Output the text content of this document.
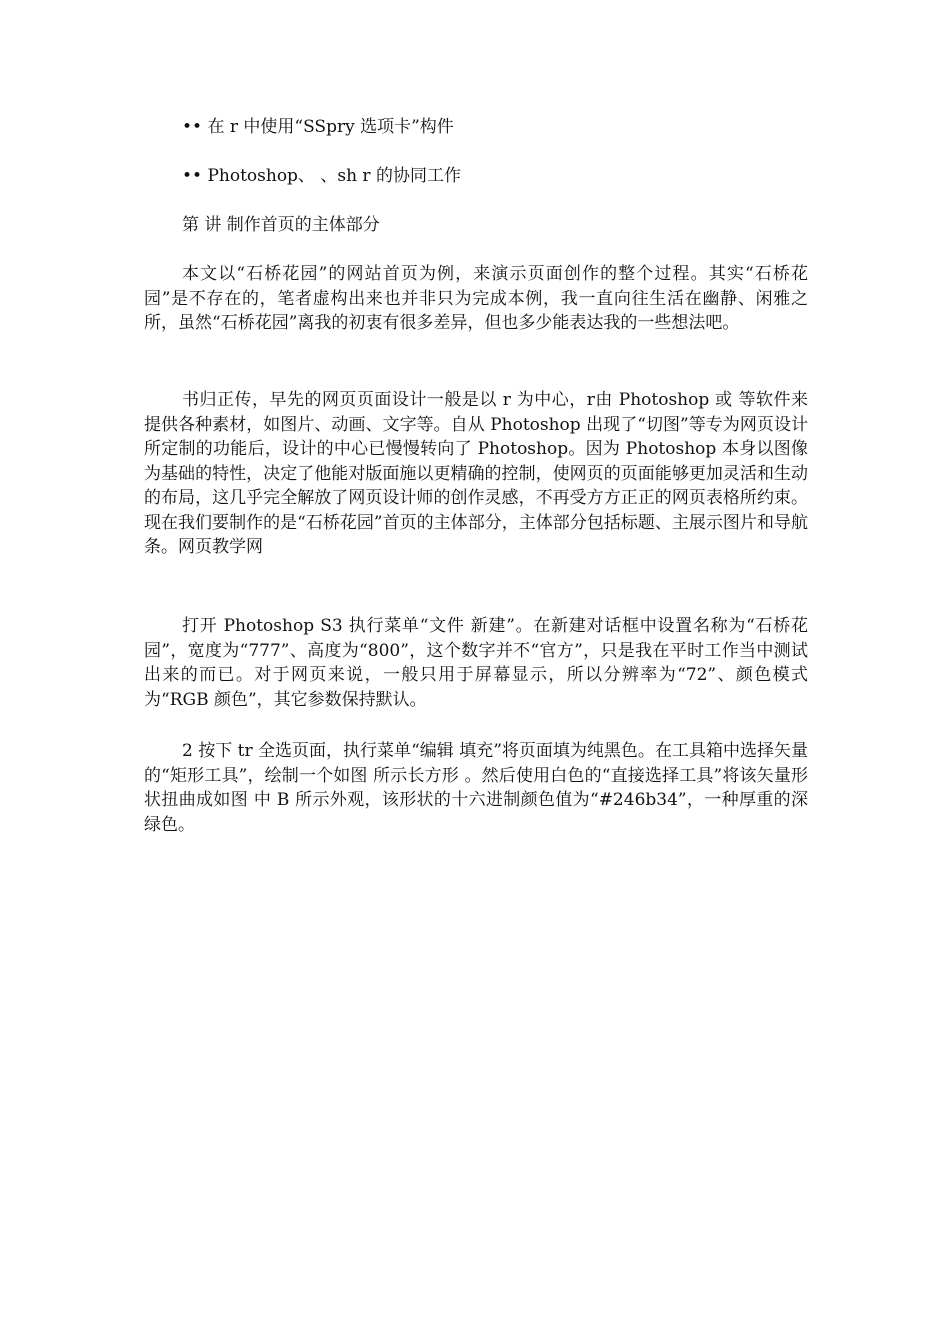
•• 在 r 中使用“SSpry 选项卡”构件
•• Photoshop、 、sh r 的协同工作
第 讲 制作首页的主体部分
本文以“石桥花园”的网站首页为例，来演示页面创作的整个过程。其实“石桥花园”是不存在的，笔者虚构出来也并非只为完成本例，我一直向往生活在幽静、闲雅之所，虽然“石桥花园”离我的初衷有很多差异，但也多少能表达我的一些想法吧。
书归正传，早先的网页页面设计一般是以 r 为中心，r由 Photoshop 或 等软件来提供各种素材，如图片、动画、文字等。自从 Photoshop 出现了“切图”等专为网页设计所定制的功能后，设计的中心已慢慢转向了 Photoshop。因为 Photoshop 本身以图像为基础的特性，决定了他能对版面施以更精确的控制，使网页的页面能够更加灵活和生动的布局，这几乎完全解放了网页设计师的创作灵感，不再受方方正正的网页表格所约束。现在我们要制作的是“石桥花园”首页的主体部分，主体部分包括标题、主展示图片和导航条。网页教学网
打开 Photoshop S3 执行菜单“文件 新建”。在新建对话框中设置名称为“石桥花园”，宽度为“777”、高度为“800”，这个数字并不“官方”，只是我在平时工作当中测试出来的而已。对于网页来说，一般只用于屏幕显示，所以分辨率为“72”、颜色模式为“RGB 颜色”，其它参数保持默认。
2 按下 tr 全选页面，执行菜单“编辑 填充”将页面填为纯黑色。在工具箱中选择矢量的“矩形工具”，绘制一个如图 所示长方形 。然后使用白色的“直接选择工具”将该矢量形状扭曲成如图 中 B 所示外观，该形状的十六进制颜色值为“#246b34”，一种厚重的深绿色。
